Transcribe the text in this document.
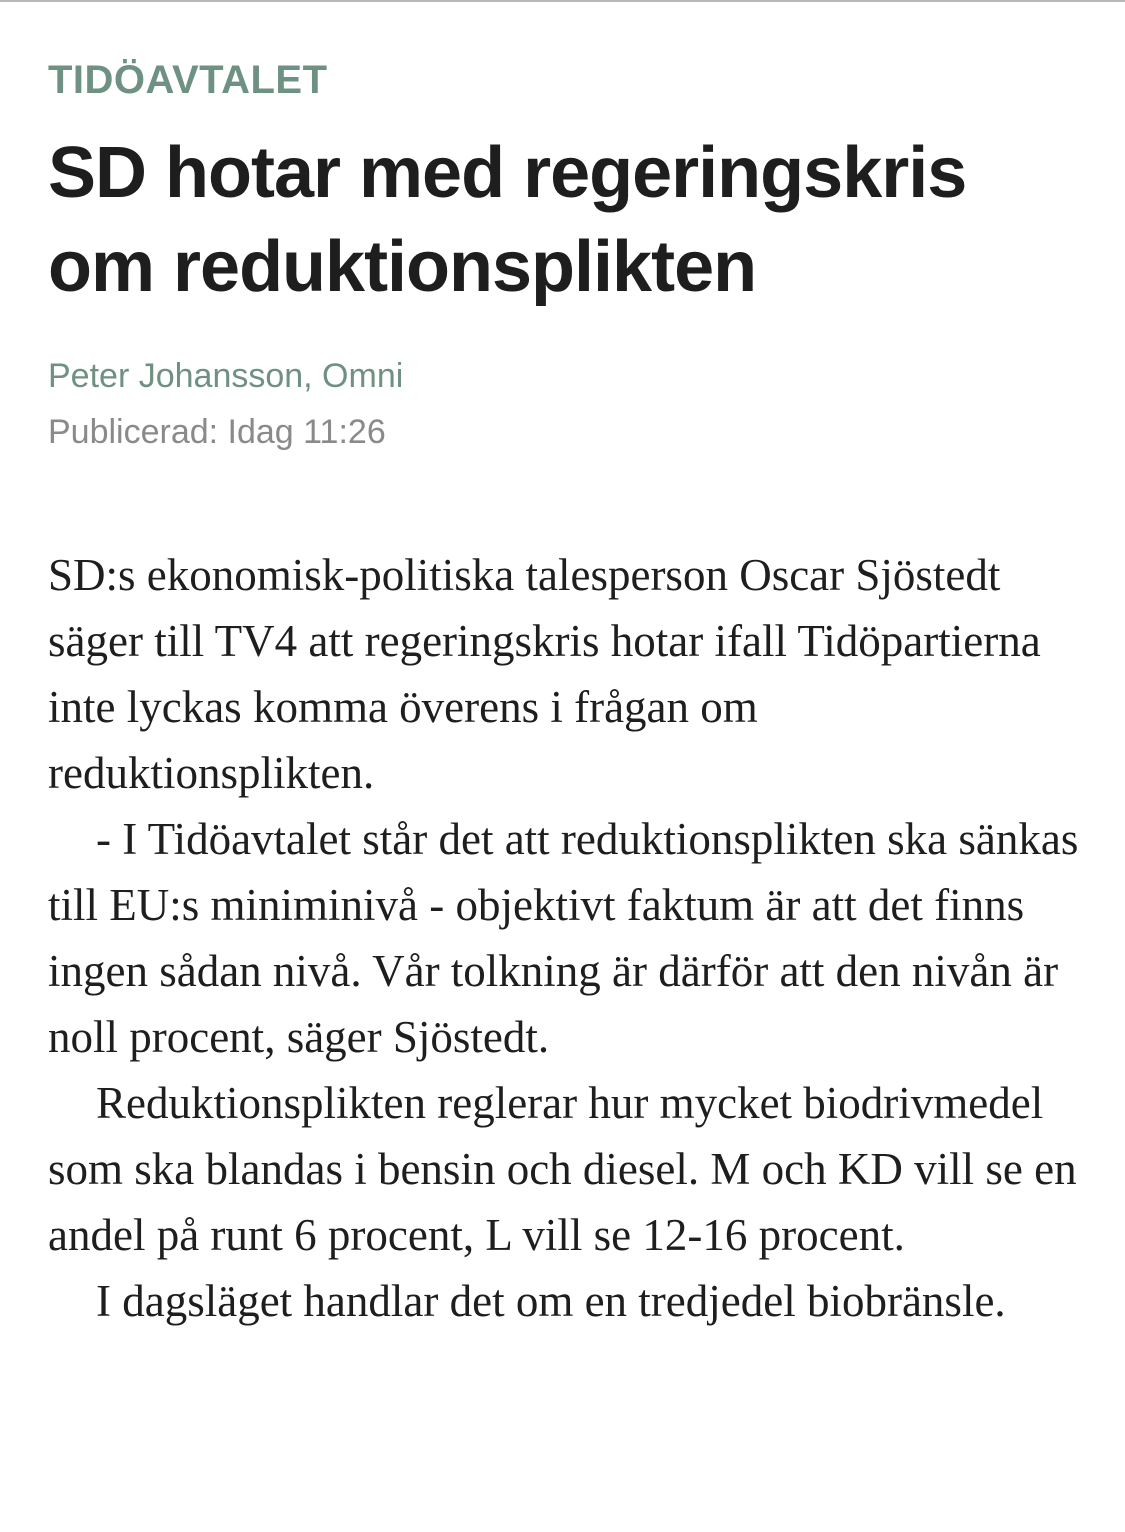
TIDÖAVTALET
SD hotar med regeringskris om reduktionsplikten
Peter Johansson, Omni
Publicerad: Idag 11:26

SD:s ekonomisk-politiska talesperson Oscar Sjöstedt säger till TV4 att regeringskris hotar ifall Tidöpartierna inte lyckas komma överens i frågan om reduktionsplikten.

- I Tidöavtalet står det att reduktionsplikten ska sänkas till EU:s miniminivå - objektivt faktum är att det finns ingen sådan nivå. Vår tolkning är därför att den nivån är noll procent, säger Sjöstedt.

Reduktionsplikten reglerar hur mycket biodrivmedel som ska blandas i bensin och diesel. M och KD vill se en andel på runt 6 procent, L vill se 12-16 procent.

I dagsläget handlar det om en tredjedel biobränsle.
